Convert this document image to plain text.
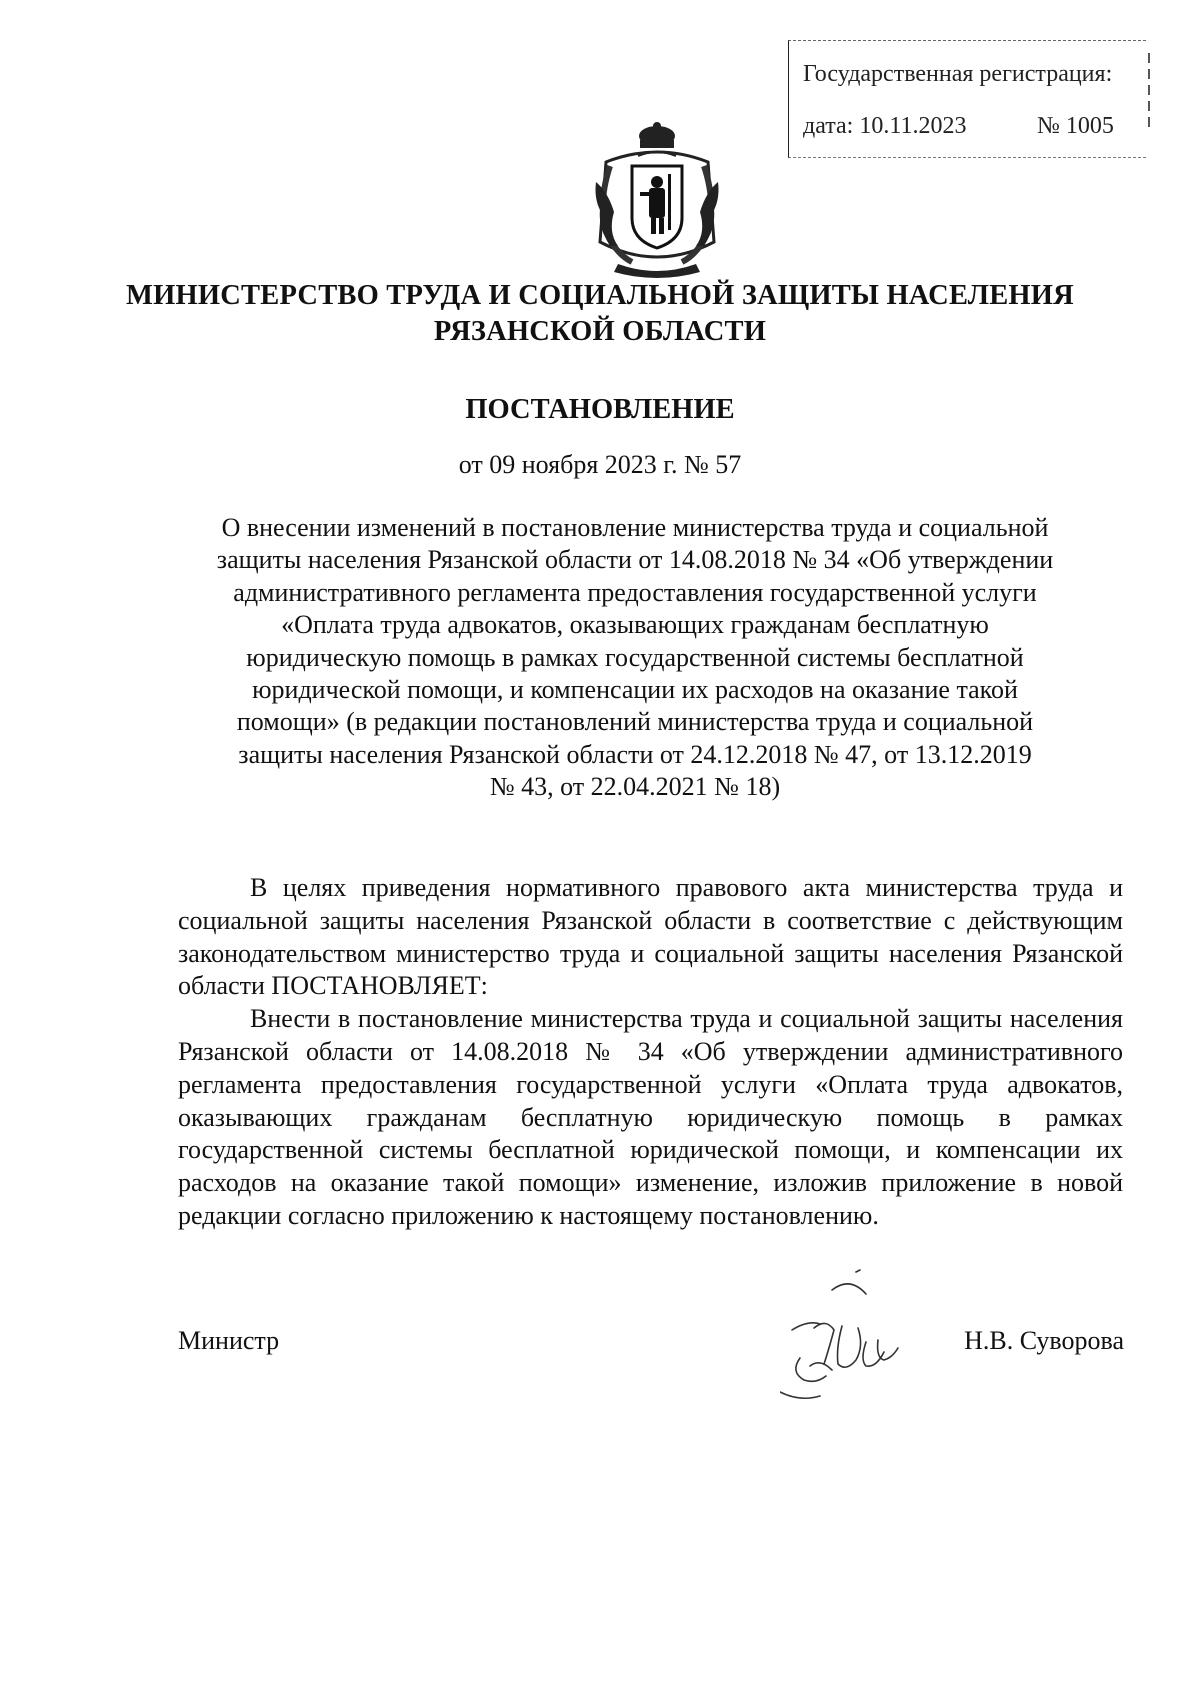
Государственная регистрация:
дата: 10.11.2023	№ 1005
МИНИСТЕРСТВО ТРУДА И СОЦИАЛЬНОЙ ЗАЩИТЫ НАСЕЛЕНИЯ
РЯЗАНСКОЙ ОБЛАСТИ
ПОСТАНОВЛЕНИЕ
от 09 ноября 2023 г. № 57
О внесении изменений в постановление министерства труда и социальной
защиты населения Рязанской области от 14.08.2018 № 34 «Об утверждении
административного регламента предоставления государственной услуги
«Оплата труда адвокатов, оказывающих гражданам бесплатную
юридическую помощь в рамках государственной системы бесплатной
юридической помощи, и компенсации их расходов на оказание такой
помощи» (в редакции постановлений министерства труда и социальной
защиты населения Рязанской области от 24.12.2018 № 47, от 13.12.2019
№ 43, от 22.04.2021 № 18)

В целях приведения нормативного правового акта министерства труда и социальной защиты населения Рязанской области в соответствие с действующим законодательством министерство труда и социальной защиты населения Рязанской области ПОСТАНОВЛЯЕТ:

Внести в постановление министерства труда и социальной защиты населения Рязанской области от 14.08.2018 № 34 «Об утверждении административного регламента предоставления государственной услуги «Оплата труда адвокатов, оказывающих гражданам бесплатную юридическую помощь в рамках государственной системы бесплатной юридической помощи, и компенсации их расходов на оказание такой помощи» изменение, изложив приложение в новой редакции согласно приложению к настоящему постановлению.

Министр	Н.В. Суворова
